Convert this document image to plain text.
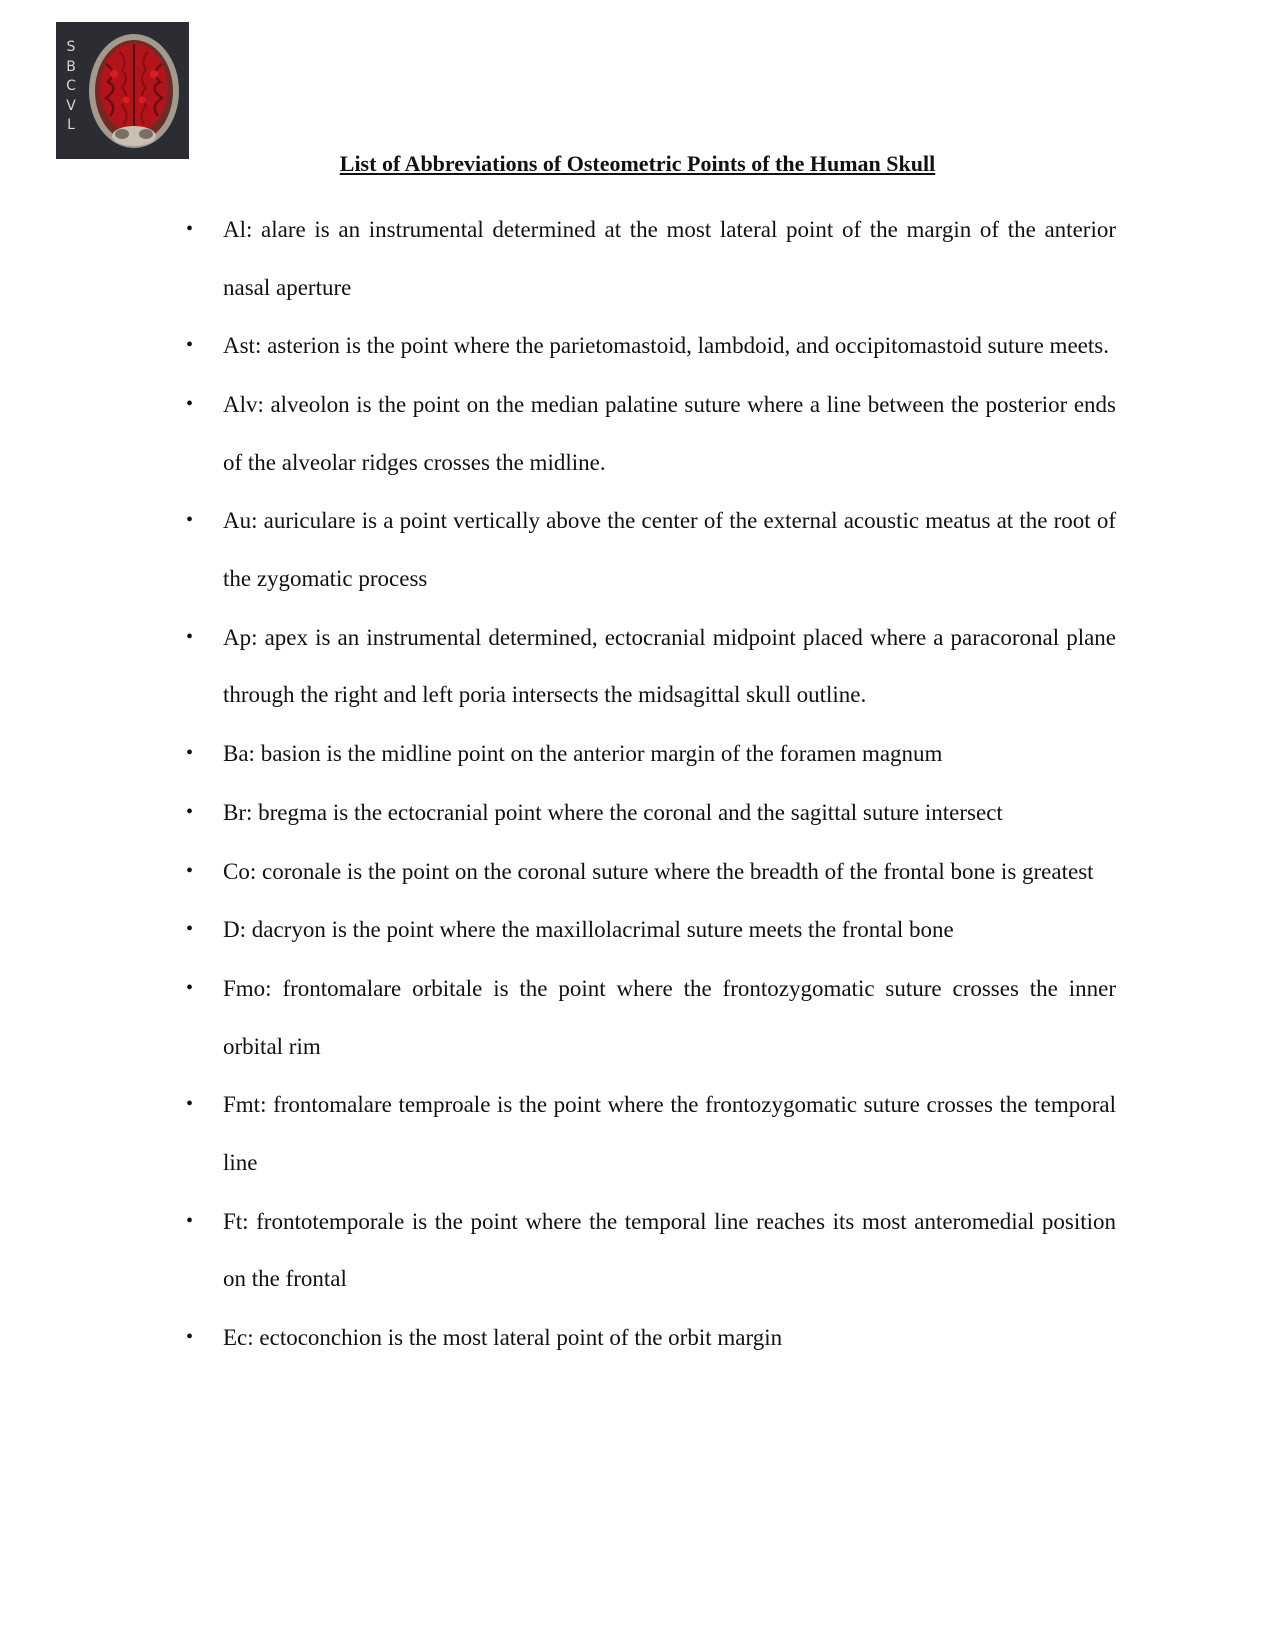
S
B
C
V
L
List of Abbreviations of Osteometric Points of the Human Skull
• Al: alare is an instrumental determined at the most lateral point of the margin of the anterior nasal aperture
• Ast: asterion is the point where the parietomastoid, lambdoid, and occipitomastoid suture meets.
• Alv: alveolon is the point on the median palatine suture where a line between the posterior ends of the alveolar ridges crosses the midline.
• Au: auriculare is a point vertically above the center of the external acoustic meatus at the root of the zygomatic process
• Ap: apex is an instrumental determined, ectocranial midpoint placed where a paracoronal plane through the right and left poria intersects the midsagittal skull outline.
• Ba: basion is the midline point on the anterior margin of the foramen magnum
• Br: bregma is the ectocranial point where the coronal and the sagittal suture intersect
• Co: coronale is the point on the coronal suture where the breadth of the frontal bone is greatest
• D: dacryon is the point where the maxillolacrimal suture meets the frontal bone
• Fmo: frontomalare orbitale is the point where the frontozygomatic suture crosses the inner orbital rim
• Fmt: frontomalare temproale is the point where the frontozygomatic suture crosses the temporal line
• Ft: frontotemporale is the point where the temporal line reaches its most anteromedial position on the frontal
• Ec: ectoconchion is the most lateral point of the orbit margin
